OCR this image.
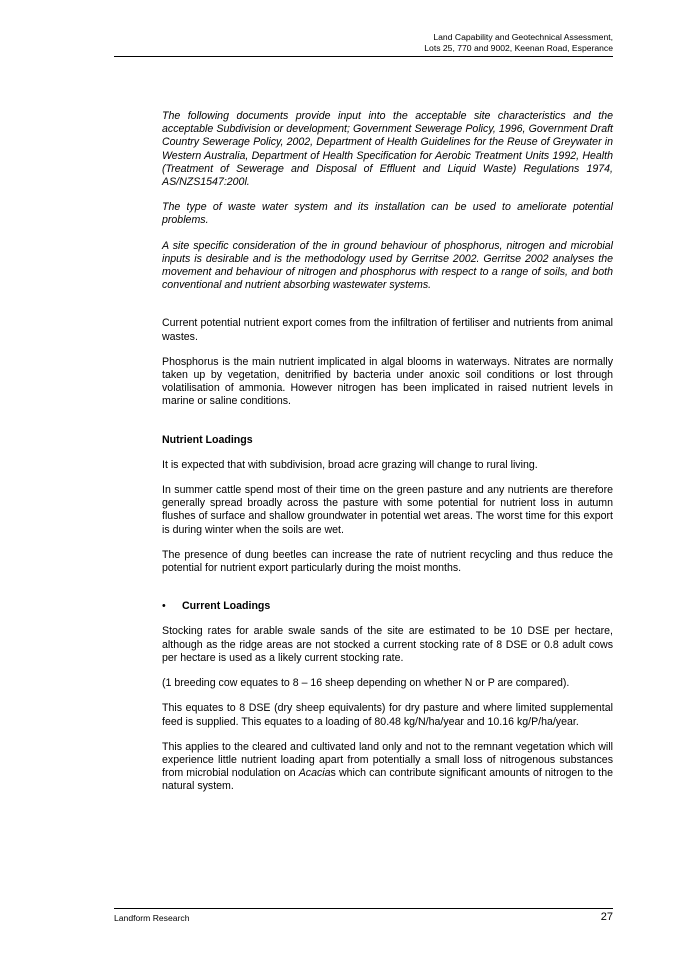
Land Capability and Geotechnical Assessment,
Lots 25, 770 and 9002, Keenan Road, Esperance

The following documents provide input into the acceptable site characteristics and the acceptable Subdivision or development; Government Sewerage Policy, 1996, Government Draft Country Sewerage Policy, 2002, Department of Health Guidelines for the Reuse of Greywater in Western Australia, Department of Health Specification for Aerobic Treatment Units 1992, Health (Treatment of Sewerage and Disposal of Effluent and Liquid Waste) Regulations 1974, AS/NZS1547:200l.

The type of waste water system and its installation can be used to ameliorate potential problems.

A site specific consideration of the in ground behaviour of phosphorus, nitrogen and microbial inputs is desirable and is the methodology used by Gerritse 2002. Gerritse 2002 analyses the movement and behaviour of nitrogen and phosphorus with respect to a range of soils, and both conventional and nutrient absorbing wastewater systems.

Current potential nutrient export comes from the infiltration of fertiliser and nutrients from animal wastes.

Phosphorus is the main nutrient implicated in algal blooms in waterways. Nitrates are normally taken up by vegetation, denitrified by bacteria under anoxic soil conditions or lost through volatilisation of ammonia. However nitrogen has been implicated in raised nutrient levels in marine or saline conditions.

Nutrient Loadings

It is expected that with subdivision, broad acre grazing will change to rural living.

In summer cattle spend most of their time on the green pasture and any nutrients are therefore generally spread broadly across the pasture with some potential for nutrient loss in autumn flushes of surface and shallow groundwater in potential wet areas. The worst time for this export is during winter when the soils are wet.

The presence of dung beetles can increase the rate of nutrient recycling and thus reduce the potential for nutrient export particularly during the moist months.

•	Current Loadings

Stocking rates for arable swale sands of the site are estimated to be 10 DSE per hectare, although as the ridge areas are not stocked a current stocking rate of 8 DSE or 0.8 adult cows per hectare is used as a likely current stocking rate.

(1 breeding cow equates to 8 – 16 sheep depending on whether N or P are compared).

This equates to 8 DSE (dry sheep equivalents) for dry pasture and where limited supplemental feed is supplied. This equates to a loading of 80.48 kg/N/ha/year and 10.16 kg/P/ha/year.

This applies to the cleared and cultivated land only and not to the remnant vegetation which will experience little nutrient loading apart from potentially a small loss of nitrogenous substances from microbial nodulation on Acacias which can contribute significant amounts of nitrogen to the natural system.

Landform Research	27
